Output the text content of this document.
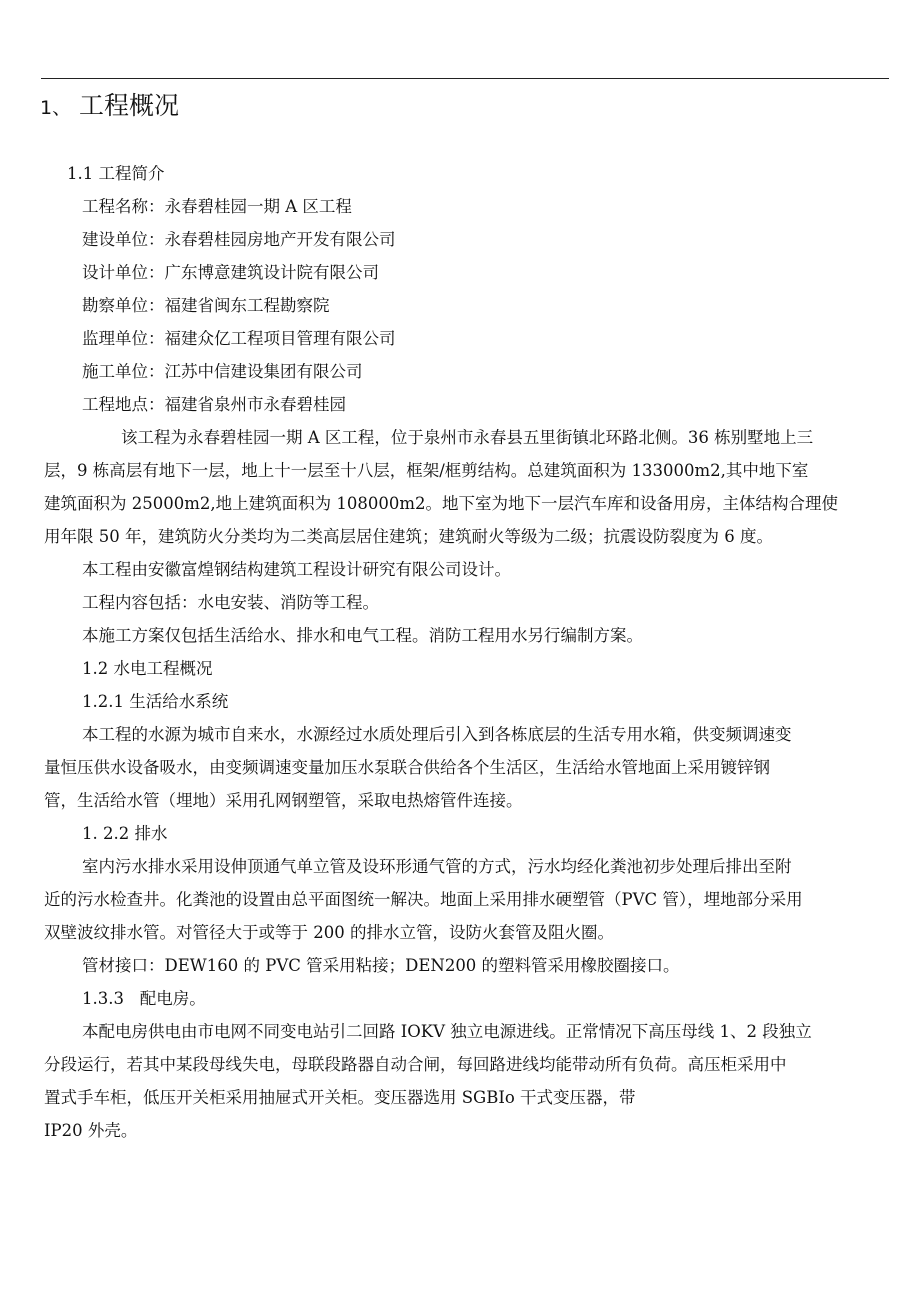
1、 工程概况
1.1 工程简介
工程名称：永春碧桂园一期 A 区工程
建设单位：永春碧桂园房地产开发有限公司
设计单位：广东博意建筑设计院有限公司
勘察单位：福建省闽东工程勘察院
监理单位：福建众亿工程项目管理有限公司
施工单位：江苏中信建设集团有限公司
工程地点：福建省泉州市永春碧桂园
该工程为永春碧桂园一期 A 区工程，位于泉州市永春县五里街镇北环路北侧。36 栋别墅地上三
层，9 栋高层有地下一层，地上十一层至十八层，框架/框剪结构。总建筑面积为 133000m2,其中地下室
建筑面积为 25000m2,地上建筑面积为 108000m2。地下室为地下一层汽车库和设备用房，主体结构合理使
用年限 50 年，建筑防火分类均为二类高层居住建筑；建筑耐火等级为二级；抗震设防裂度为 6 度。
本工程由安徽富煌钢结构建筑工程设计研究有限公司设计。
工程内容包括：水电安装、消防等工程。
本施工方案仅包括生活给水、排水和电气工程。消防工程用水另行编制方案。
1.2 水电工程概况
1.2.1 生活给水系统
本工程的水源为城市自来水，水源经过水质处理后引入到各栋底层的生活专用水箱，供变频调速变
量恒压供水设备吸水，由变频调速变量加压水泵联合供给各个生活区，生活给水管地面上采用镀锌钢
管，生活给水管（埋地）采用孔网钢塑管，采取电热熔管件连接。
1. 2.2 排水
室内污水排水采用设伸顶通气单立管及设环形通气管的方式，污水均经化粪池初步处理后排出至附
近的污水检查井。化粪池的设置由总平面图统一解决。地面上采用排水硬塑管（PVC 管），埋地部分采用
双壁波纹排水管。对管径大于或等于 200 的排水立管，设防火套管及阻火圈。
管材接口：DEW160 的 PVC 管采用粘接；DEN200 的塑料管采用橡胶圈接口。
1.3.3   配电房。
本配电房供电由市电网不同变电站引二回路 IOKV 独立电源进线。正常情况下高压母线 1、2 段独立
分段运行，若其中某段母线失电，母联段路器自动合闸，每回路进线均能带动所有负荷。高压柜采用中
置式手车柜，低压开关柜采用抽屉式开关柜。变压器选用 SGBIo 干式变压器，带
IP20 外壳。
